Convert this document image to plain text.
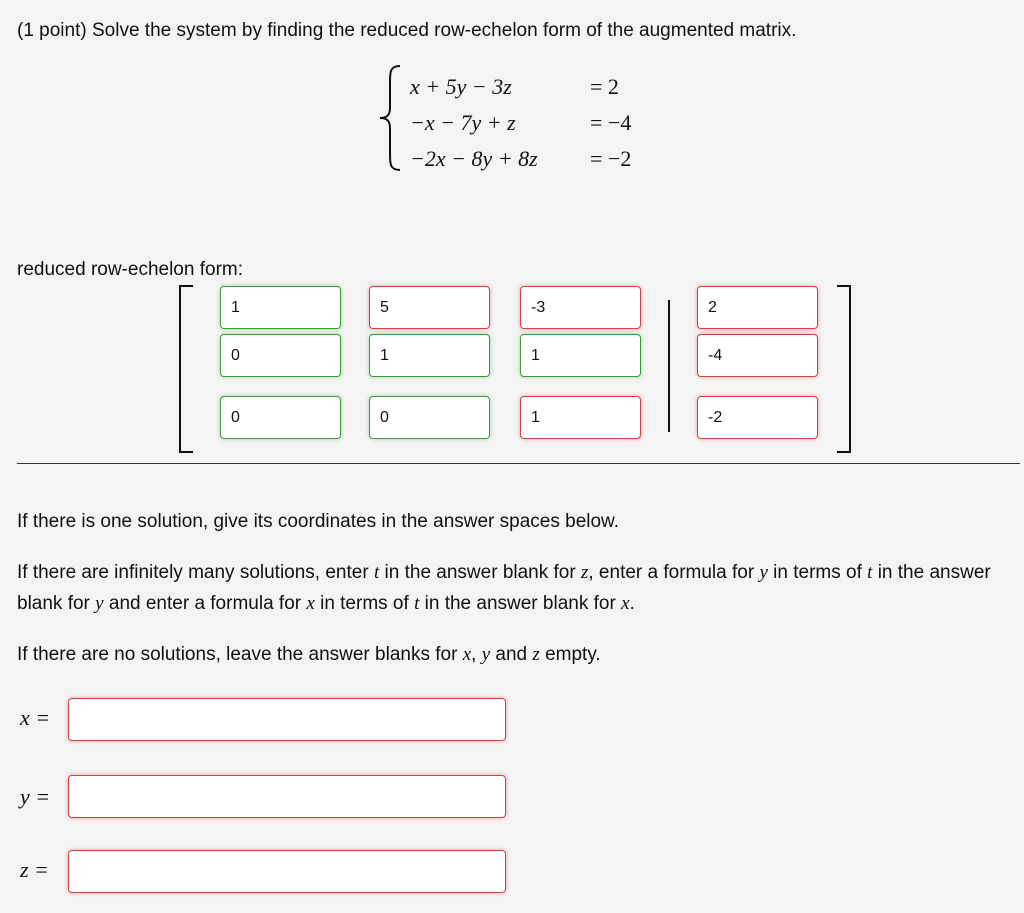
(1 point) Solve the system by finding the reduced row-echelon form of the augmented matrix.
x + 5y − 3z	= 2
−x − 7y + z	= −4
−2x − 8y + 8z = −2
reduced row-echelon form:
1
5
-3
2
0
1
1
-4
0
0
1
-2
If there is one solution, give its coordinates in the answer spaces below.
If there are infinitely many solutions, enter t in the answer blank for z, enter a formula for y in terms of t in the answer blank for y and enter a formula for x in terms of t in the answer blank for x.
If there are no solutions, leave the answer blanks for x, y and z empty.
x =
y =
z =
